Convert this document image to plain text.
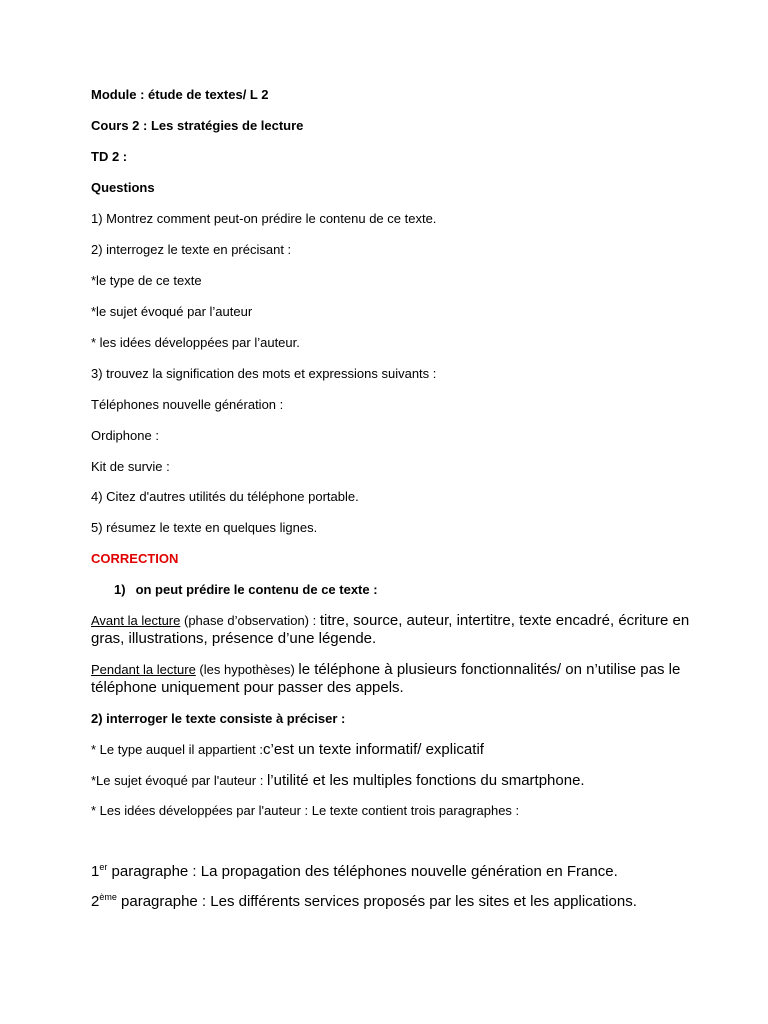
Module : étude de textes/ L 2

Cours 2 : Les stratégies de lecture

TD 2 :

Questions

1) Montrez comment peut-on prédire le contenu de ce texte.

2) interrogez le texte en précisant :

*le type de ce texte

*le sujet évoqué par l’auteur

* les idées développées par l’auteur.

3) trouvez la signification des mots et expressions suivants :

Téléphones nouvelle génération :

Ordiphone :

Kit de survie :

4) Citez d'autres utilités du téléphone portable.

5) résumez le texte en quelques lignes.

CORRECTION

1) on peut prédire le contenu de ce texte :

Avant la lecture (phase d’observation) : titre, source, auteur, intertitre, texte encadré, écriture en gras, illustrations, présence d’une légende.

Pendant la lecture (les hypothèses) le téléphone à plusieurs fonctionnalités/ on n’utilise pas le téléphone uniquement pour passer des appels.

2) interroger le texte consiste à préciser :

* Le type auquel il appartient :c’est un texte informatif/ explicatif

*Le sujet évoqué par l'auteur : l’utilité et les multiples fonctions du smartphone.

* Les idées développées par l'auteur : Le texte contient trois paragraphes :

1er paragraphe : La propagation des téléphones nouvelle génération en France.

2ème paragraphe : Les différents services proposés par les sites et les applications.
